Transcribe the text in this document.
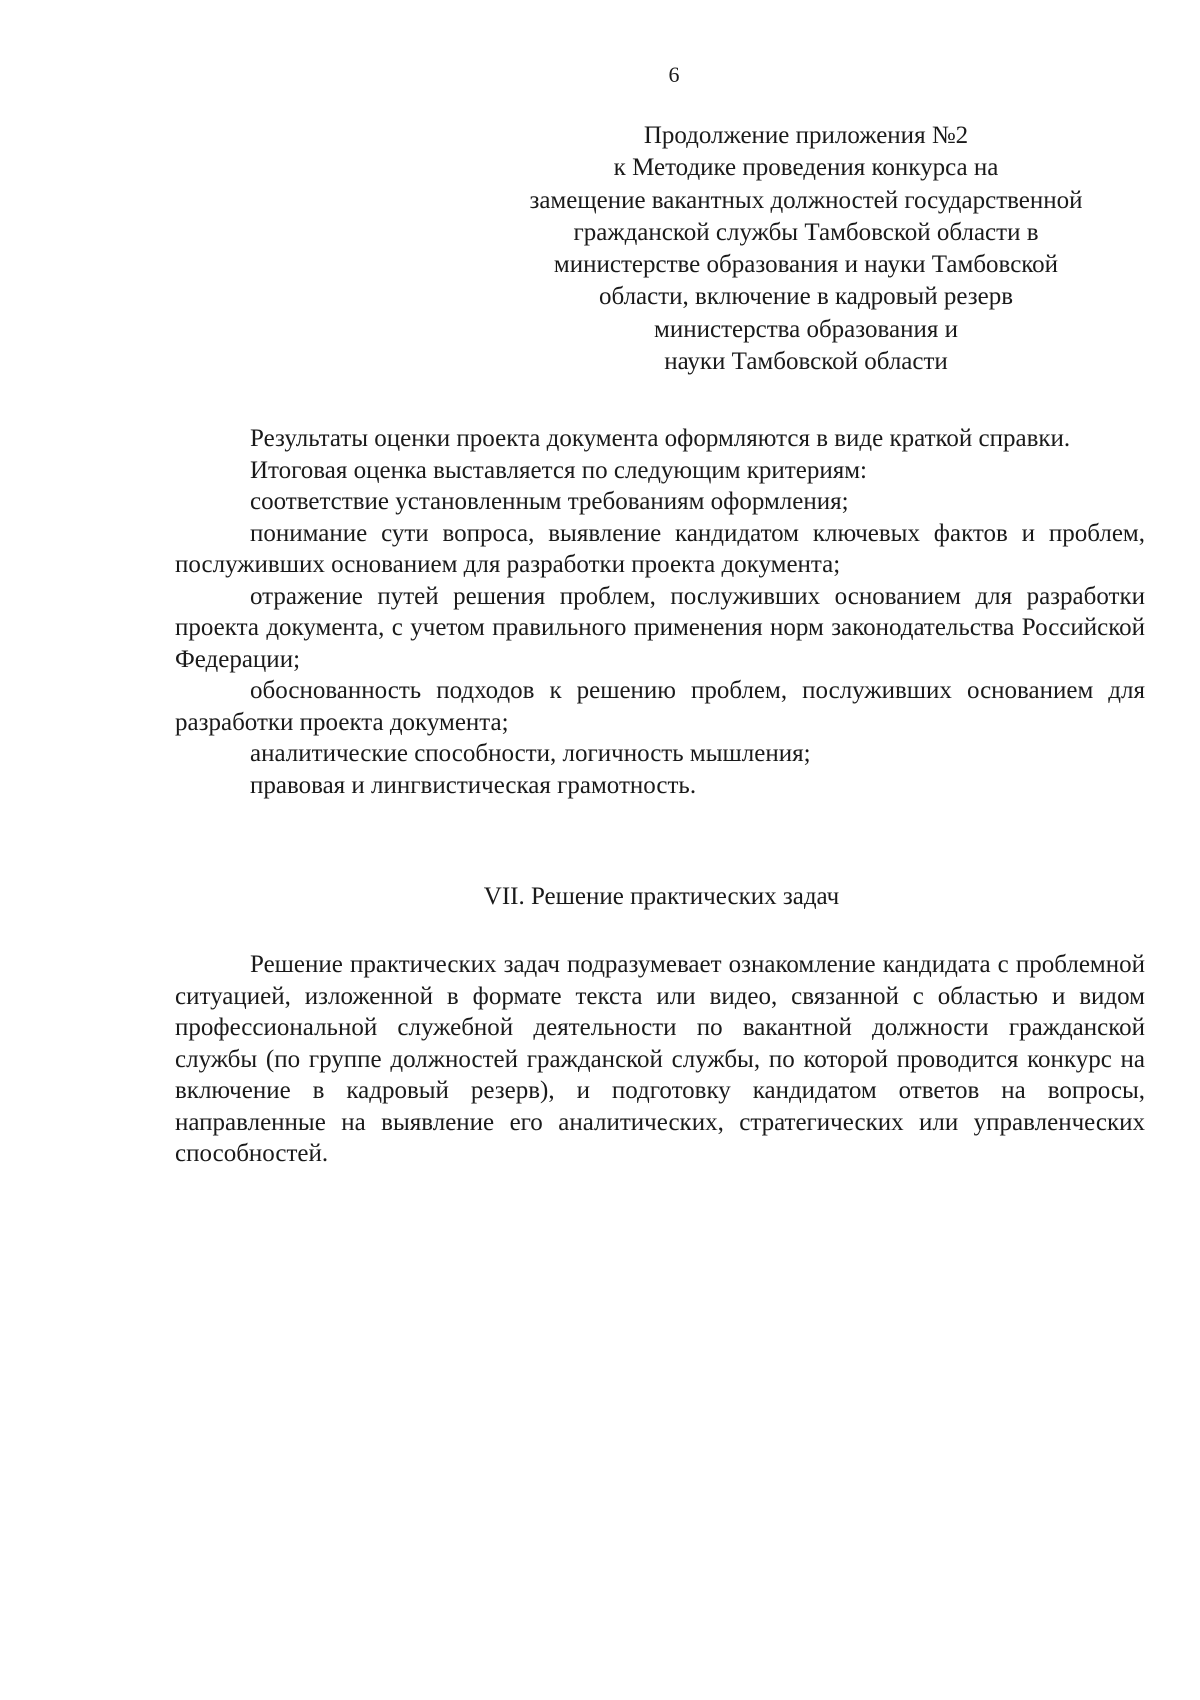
6
Продолжение приложения №2
к Методике проведения конкурса на
замещение вакантных должностей государственной
гражданской службы Тамбовской области в
министерстве образования и науки Тамбовской
области, включение в кадровый резерв
министерства образования и
науки Тамбовской области

Результаты оценки проекта документа оформляются в виде краткой справки.

Итоговая оценка выставляется по следующим критериям:

соответствие установленным требованиям оформления;

понимание сути вопроса, выявление кандидатом ключевых фактов и проблем, послуживших основанием для разработки проекта документа;

отражение путей решения проблем, послуживших основанием для разработки проекта документа, с учетом правильного применения норм законодательства Российской Федерации;

обоснованность подходов к решению проблем, послуживших основанием для разработки проекта документа;

аналитические способности, логичность мышления;

правовая и лингвистическая грамотность.

VII. Решение практических задач

Решение практических задач подразумевает ознакомление кандидата с проблемной ситуацией, изложенной в формате текста или видео, связанной с областью и видом профессиональной служебной деятельности по вакантной должности гражданской службы (по группе должностей гражданской службы, по которой проводится конкурс на включение в кадровый резерв), и подготовку кандидатом ответов на вопросы, направленные на выявление его аналитических, стратегических или управленческих способностей.
